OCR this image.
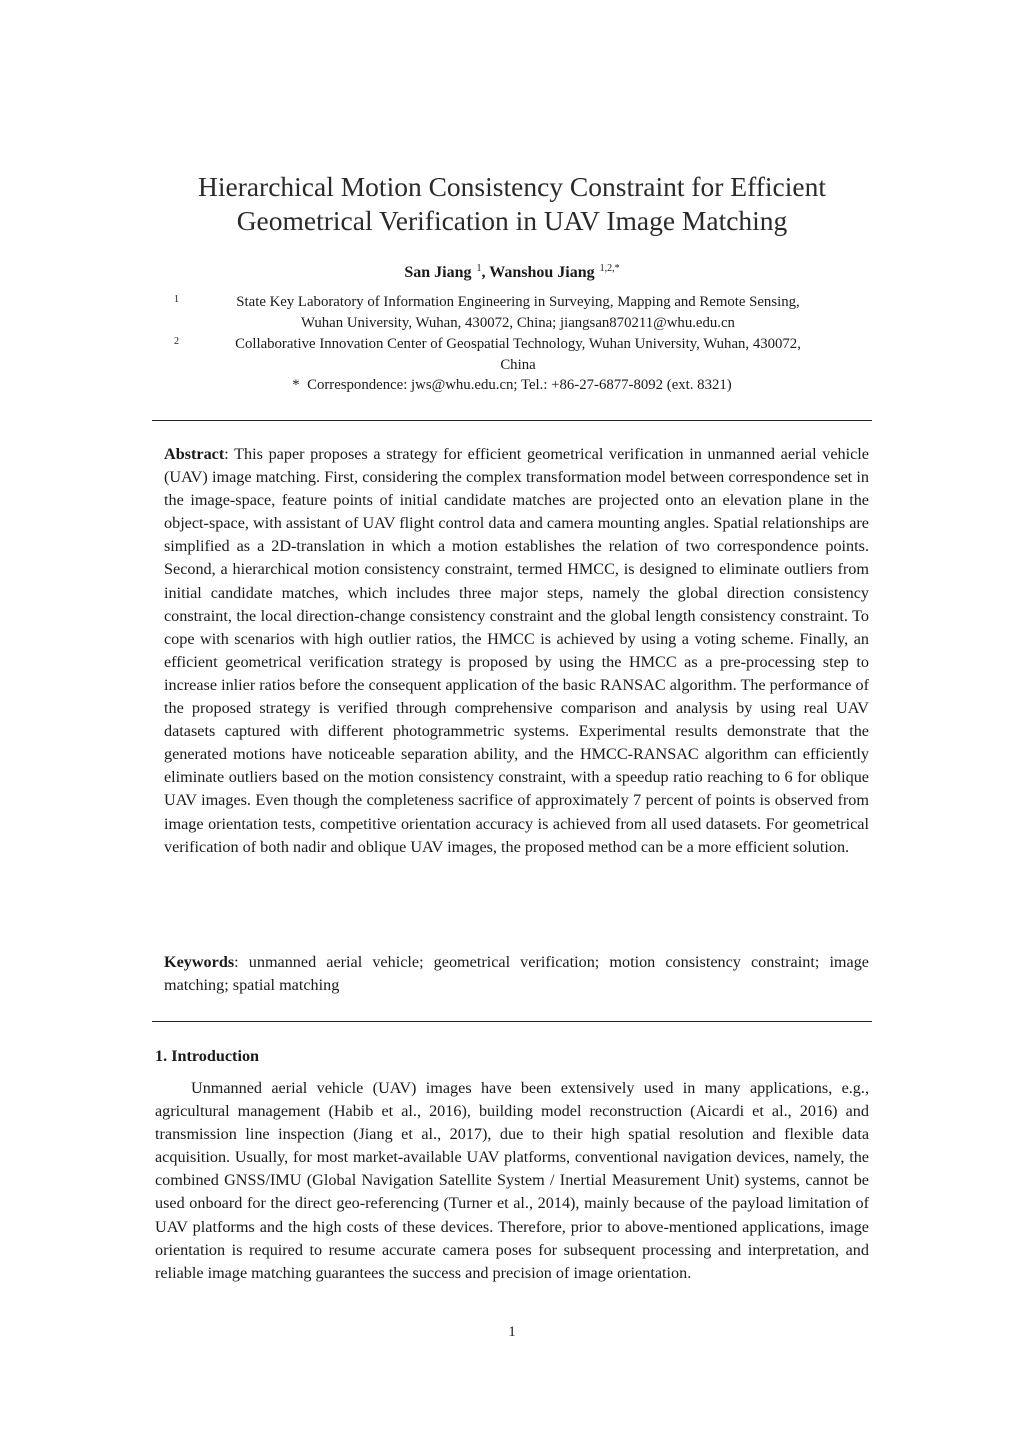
Hierarchical Motion Consistency Constraint for Efficient
Geometrical Verification in UAV Image Matching
San Jiang $^1$, Wanshou Jiang $^{1,2,*}$
1	State Key Laboratory of Information Engineering in Surveying, Mapping and Remote Sensing,
Wuhan University, Wuhan, 430072, China; jiangsan870211@whu.edu.cn
2	Collaborative Innovation Center of Geospatial Technology, Wuhan University, Wuhan, 430072,
China
*  Correspondence: jws@whu.edu.cn; Tel.: +86-27-6877-8092 (ext. 8321)
Abstract: This paper proposes a strategy for efficient geometrical verification in unmanned aerial vehicle (UAV) image matching. First, considering the complex transformation model between correspondence set in the image-space, feature points of initial candidate matches are projected onto an elevation plane in the object-space, with assistant of UAV flight control data and camera mounting angles. Spatial relationships are simplified as a 2D-translation in which a motion establishes the relation of two correspondence points. Second, a hierarchical motion consistency constraint, termed HMCC, is designed to eliminate outliers from initial candidate matches, which includes three major steps, namely the global direction consistency constraint, the local direction-change consistency constraint and the global length consistency constraint. To cope with scenarios with high outlier ratios, the HMCC is achieved by using a voting scheme. Finally, an efficient geometrical verification strategy is proposed by using the HMCC as a pre-processing step to increase inlier ratios before the consequent application of the basic RANSAC algorithm. The performance of the proposed strategy is verified through comprehensive comparison and analysis by using real UAV datasets captured with different photogrammetric systems. Experimental results demonstrate that the generated motions have noticeable separation ability, and the HMCC-RANSAC algorithm can efficiently eliminate outliers based on the motion consistency constraint, with a speedup ratio reaching to 6 for oblique UAV images. Even though the completeness sacrifice of approximately 7 percent of points is observed from image orientation tests, competitive orientation accuracy is achieved from all used datasets. For geometrical verification of both nadir and oblique UAV images, the proposed method can be a more efficient solution.
Keywords: unmanned aerial vehicle; geometrical verification; motion consistency constraint; image matching; spatial matching
1. Introduction
Unmanned aerial vehicle (UAV) images have been extensively used in many applications, e.g., agricultural management (Habib et al., 2016), building model reconstruction (Aicardi et al., 2016) and transmission line inspection (Jiang et al., 2017), due to their high spatial resolution and flexible data acquisition. Usually, for most market-available UAV platforms, conventional navigation devices, namely, the combined GNSS/IMU (Global Navigation Satellite System / Inertial Measurement Unit) systems, cannot be used onboard for the direct geo-referencing (Turner et al., 2014), mainly because of the payload limitation of UAV platforms and the high costs of these devices. Therefore, prior to above-mentioned applications, image orientation is required to resume accurate camera poses for subsequent processing and interpretation, and reliable image matching guarantees the success and precision of image orientation.
1
